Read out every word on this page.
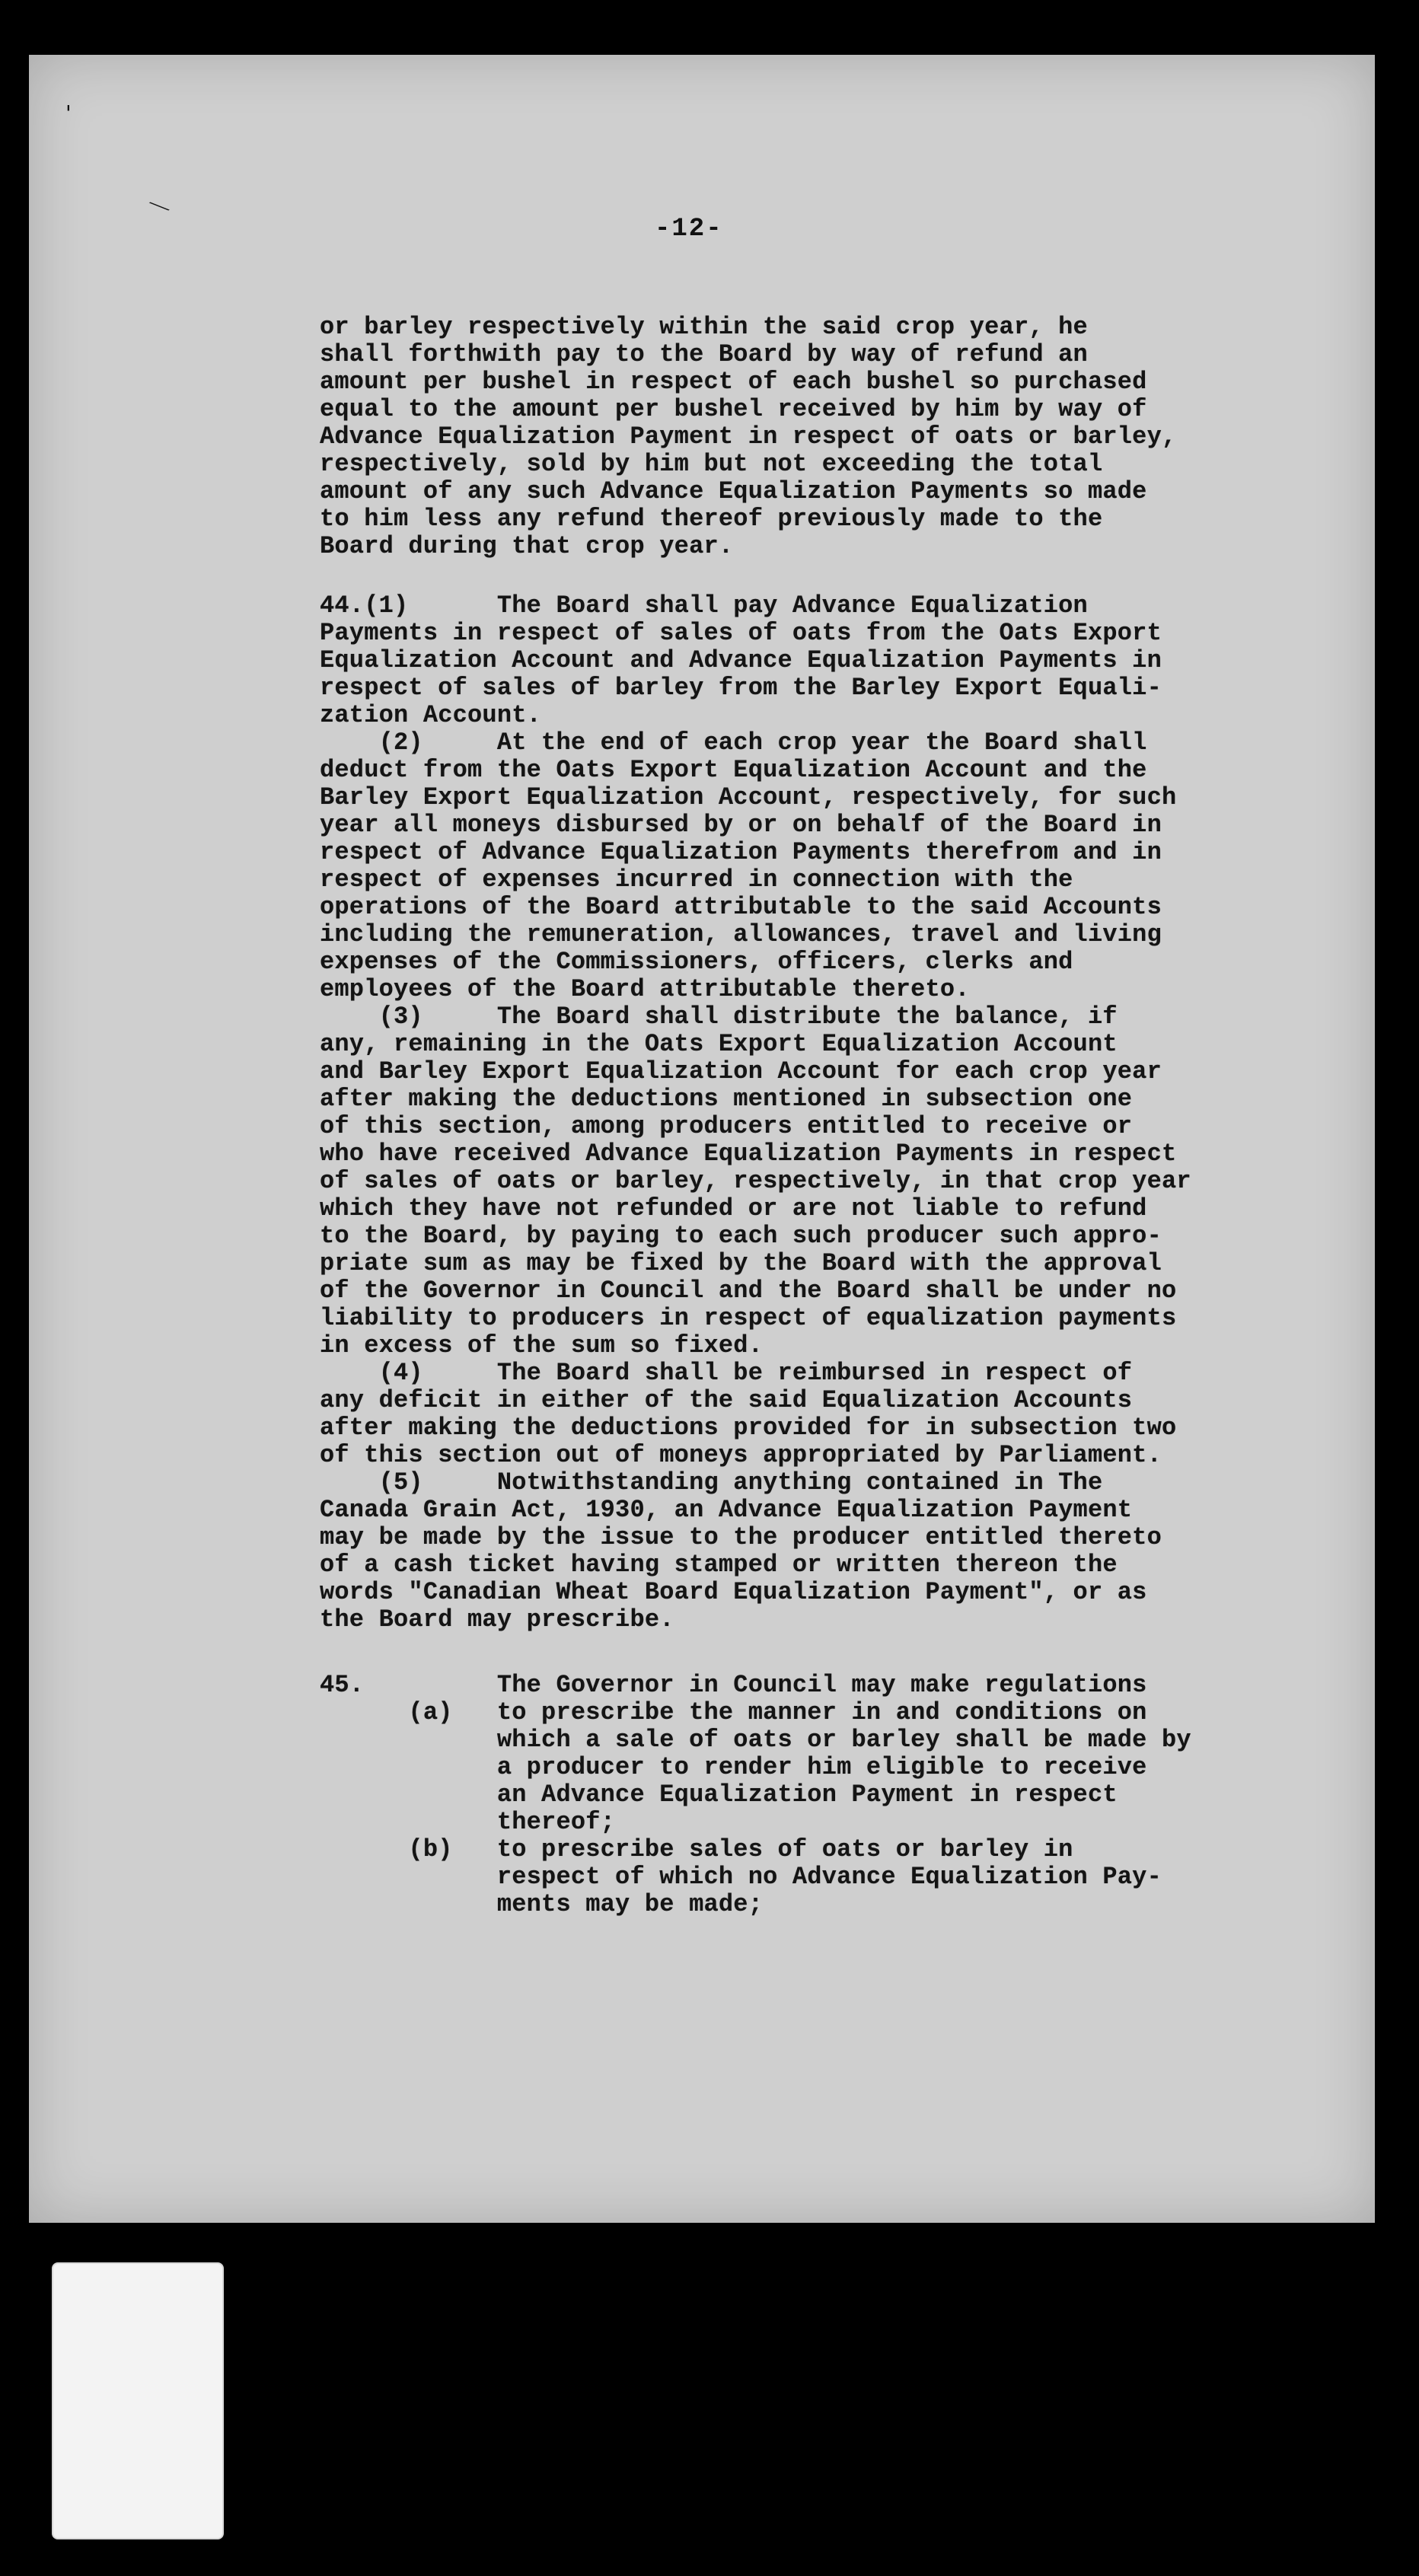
'
⟍
-12-
or barley respectively within the said crop year, he
shall forthwith pay to the Board by way of refund an
amount per bushel in respect of each bushel so purchased
equal to the amount per bushel received by him by way of
Advance Equalization Payment in respect of oats or barley,
respectively, sold by him but not exceeding the total
amount of any such Advance Equalization Payments so made
to him less any refund thereof previously made to the
Board during that crop year.
44.(1)      The Board shall pay Advance Equalization
Payments in respect of sales of oats from the Oats Export
Equalization Account and Advance Equalization Payments in
respect of sales of barley from the Barley Export Equali-
zation Account.
(2)     At the end of each crop year the Board shall
deduct from the Oats Export Equalization Account and the
Barley Export Equalization Account, respectively, for such
year all moneys disbursed by or on behalf of the Board in
respect of Advance Equalization Payments therefrom and in
respect of expenses incurred in connection with the
operations of the Board attributable to the said Accounts
including the remuneration, allowances, travel and living
expenses of the Commissioners, officers, clerks and
employees of the Board attributable thereto.
(3)     The Board shall distribute the balance, if
any, remaining in the Oats Export Equalization Account
and Barley Export Equalization Account for each crop year
after making the deductions mentioned in subsection one
of this section, among producers entitled to receive or
who have received Advance Equalization Payments in respect
of sales of oats or barley, respectively, in that crop year
which they have not refunded or are not liable to refund
to the Board, by paying to each such producer such appro-
priate sum as may be fixed by the Board with the approval
of the Governor in Council and the Board shall be under no
liability to producers in respect of equalization payments
in excess of the sum so fixed.
(4)     The Board shall be reimbursed in respect of
any deficit in either of the said Equalization Accounts
after making the deductions provided for in subsection two
of this section out of moneys appropriated by Parliament.
(5)     Notwithstanding anything contained in The
Canada Grain Act, 1930, an Advance Equalization Payment
may be made by the issue to the producer entitled thereto
of a cash ticket having stamped or written thereon the
words "Canadian Wheat Board Equalization Payment", or as
the Board may prescribe.
45.         The Governor in Council may make regulations
(a)   to prescribe the manner in and conditions on
which a sale of oats or barley shall be made by
a producer to render him eligible to receive
an Advance Equalization Payment in respect
thereof;
(b)   to prescribe sales of oats or barley in
respect of which no Advance Equalization Pay-
ments may be made;
